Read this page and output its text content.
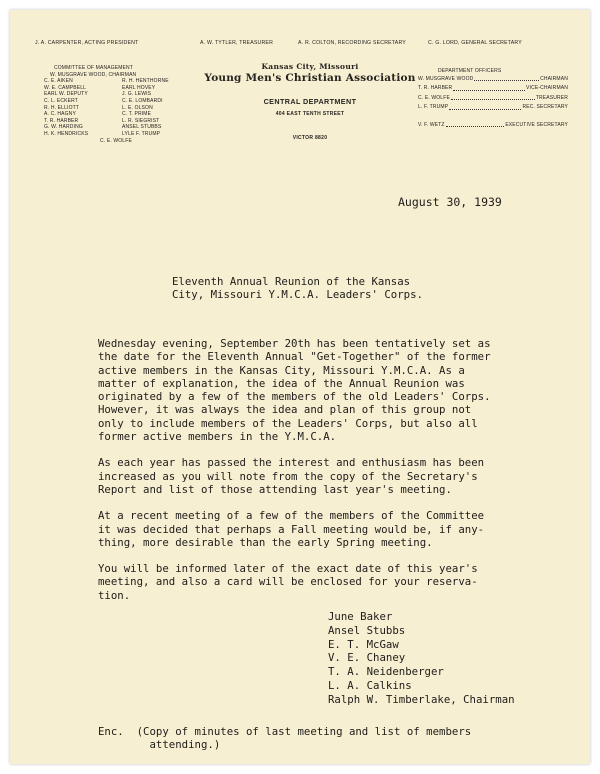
J. A. CARPENTER, ACTING PRESIDENT	A. W. TYTLER, TREASURER	A. R. COLTON, RECORDING SECRETARY	C. G. LORD, GENERAL SECRETARY
COMMITTEE OF MANAGEMENT
W. MUSGRAVE WOOD, CHAIRMAN
C. E. AIKEN	R. H. HENTHORNE
W. E. CAMPBELL	EARL HOVEY
EARL W. DEPUTY	J. G. LEWIS
C. L. ECKERT	C. E. LOMBARDI
R. H. ELLIOTT	L. E. OLSON
A. C. HAGNY	C. T. PRIME
T. R. HARBER	L. R. SIEGRIST
G. W. HARDING	ANSEL STUBBS
H. K. HENDRICKS	LYLE F. TRUMP
C. E. WOLFE
Kansas City, Missouri
Young Men's Christian Association
CENTRAL DEPARTMENT
404 EAST TENTH STREET
VICTOR 8820
DEPARTMENT OFFICERS
W. MUSGRAVE WOOD	CHAIRMAN
T. R. HARBER	VICE-CHAIRMAN
C. E. WOLFE	TREASURER
L. F. TRUMP	REC. SECRETARY
V. F. WETZ	EXECUTIVE SECRETARY
August 30, 1939
Eleventh Annual Reunion of the Kansas
City, Missouri Y.M.C.A. Leaders' Corps.
Wednesday evening, September 20th has been tentatively set as
the date for the Eleventh Annual "Get-Together" of the former
active members in the Kansas City, Missouri Y.M.C.A. As a
matter of explanation, the idea of the Annual Reunion was
originated by a few of the members of the old Leaders' Corps.
However, it was always the idea and plan of this group not
only to include members of the Leaders' Corps, but also all
former active members in the Y.M.C.A.
As each year has passed the interest and enthusiasm has been
increased as you will note from the copy of the Secretary's
Report and list of those attending last year's meeting.
At a recent meeting of a few of the members of the Committee
it was decided that perhaps a Fall meeting would be, if any-
thing, more desirable than the early Spring meeting.
You will be informed later of the exact date of this year's
meeting, and also a card will be enclosed for your reserva-
tion.
June Baker
Ansel Stubbs
E. T. McGaw
V. E. Chaney
T. A. Neidenberger
L. A. Calkins
Ralph W. Timberlake, Chairman
Enc.  (Copy of minutes of last meeting and list of members
attending.)
